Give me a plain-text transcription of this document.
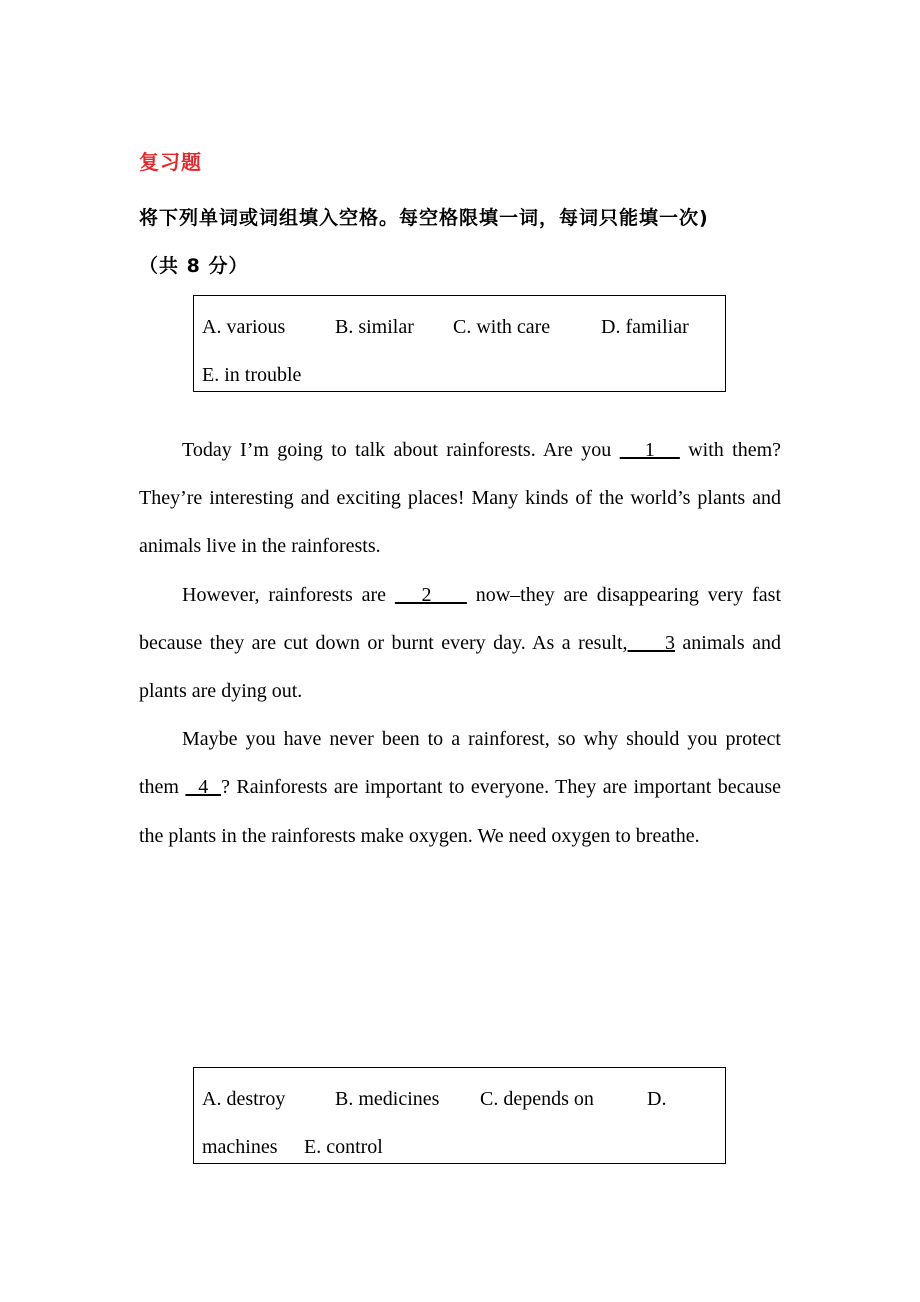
复习题
将下列单词或词组填入空格。每空格限填一词，每词只能填一次)
（共 8 分）
A. various B. similar C. with care	D. familiar
E. in trouble

Today I’m going to talk about rainforests. Are you    1    with them? They’re interesting and exciting places! Many kinds of the world’s plants and animals live in the rainforests.

However, rainforests are    2     now–they are disappearing very fast because they are cut down or burnt every day. As a result,     3 animals and plants are dying out.

Maybe you have never been to a rainforest, so why should you protect them   4  ? Rainforests are important to everyone. They are important because the plants in the rainforests make oxygen. We need oxygen to breathe.

A. destroy B. medicines C. depends on	D.
machines E. control
